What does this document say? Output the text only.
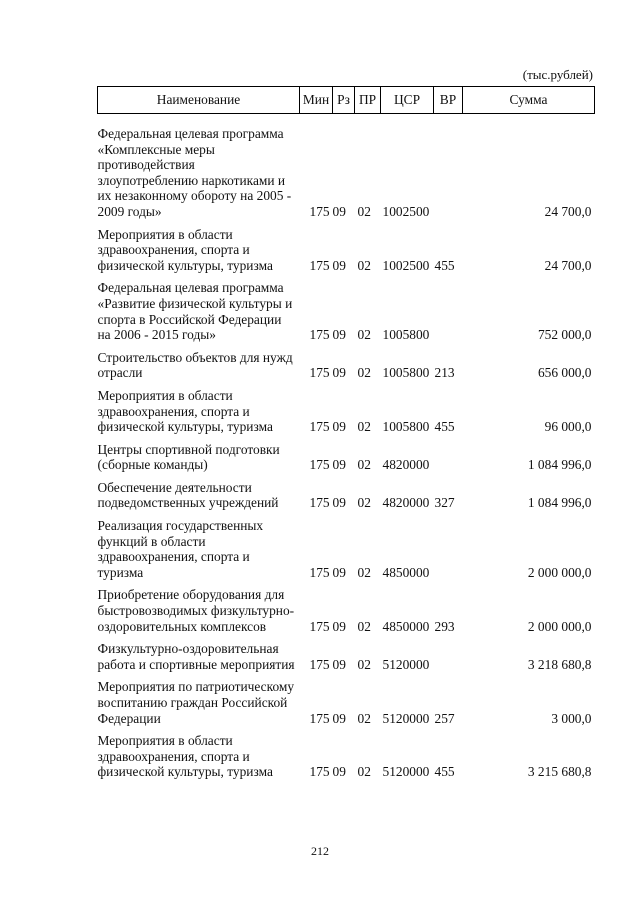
(тыс.рублей)
Наименование	Мин	Рз	ПР	ЦСР	ВР	Сумма
Федеральная целевая программа «Комплексные меры противодействия злоупотреблению наркотиками и их незаконному обороту на 2005 - 2009 годы»	175	09	02	1002500		24 700,0
Мероприятия в области здравоохранения, спорта и физической культуры, туризма	175	09	02	1002500	455	24 700,0
Федеральная целевая программа «Развитие физической культуры и спорта в Российской Федерации на 2006 - 2015 годы»	175	09	02	1005800		752 000,0
Строительство объектов для нужд отрасли	175	09	02	1005800	213	656 000,0
Мероприятия в области здравоохранения, спорта и физической культуры, туризма	175	09	02	1005800	455	96 000,0
Центры спортивной подготовки (сборные команды)	175	09	02	4820000		1 084 996,0
Обеспечение деятельности подведомственных учреждений	175	09	02	4820000	327	1 084 996,0
Реализация государственных функций в области здравоохранения, спорта и туризма	175	09	02	4850000		2 000 000,0
Приобретение оборудования для быстровозводимых физкультурно-оздоровительных комплексов	175	09	02	4850000	293	2 000 000,0
Физкультурно-оздоровительная работа и спортивные мероприятия	175	09	02	5120000		3 218 680,8
Мероприятия по патриотическому воспитанию граждан Российской Федерации	175	09	02	5120000	257	3 000,0
Мероприятия в области здравоохранения, спорта и физической культуры, туризма	175	09	02	5120000	455	3 215 680,8
212
